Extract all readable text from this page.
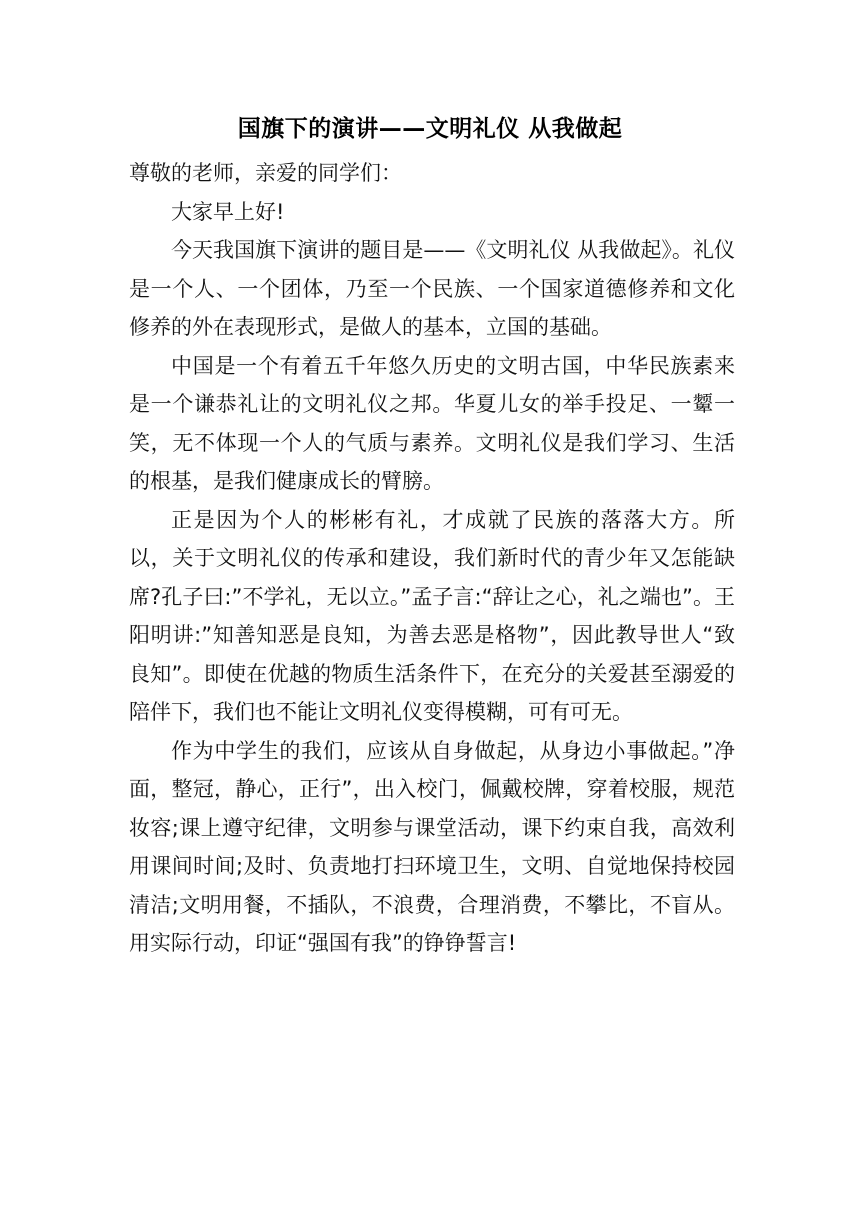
国旗下的演讲——文明礼仪 从我做起

尊敬的老师，亲爱的同学们：

大家早上好!

今天我国旗下演讲的题目是——《文明礼仪 从我做起》。礼仪是一个人、一个团体，乃至一个民族、一个国家道德修养和文化修养的外在表现形式，是做人的基本，立国的基础。

中国是一个有着五千年悠久历史的文明古国，中华民族素来是一个谦恭礼让的文明礼仪之邦。华夏儿女的举手投足、一颦一笑，无不体现一个人的气质与素养。文明礼仪是我们学习、生活的根基，是我们健康成长的臂膀。

正是因为个人的彬彬有礼，才成就了民族的落落大方。所以，关于文明礼仪的传承和建设，我们新时代的青少年又怎能缺席?孔子曰:”不学礼，无以立。”孟子言:“辞让之心，礼之端也”。王阳明讲:”知善知恶是良知，为善去恶是格物”，因此教导世人“致良知”。即使在优越的物质生活条件下，在充分的关爱甚至溺爱的陪伴下，我们也不能让文明礼仪变得模糊，可有可无。

作为中学生的我们，应该从自身做起，从身边小事做起。”净面，整冠，静心，正行”，出入校门，佩戴校牌，穿着校服，规范妆容;课上遵守纪律，文明参与课堂活动，课下约束自我，高效利用课间时间;及时、负责地打扫环境卫生，文明、自觉地保持校园清洁;文明用餐，不插队，不浪费，合理消费，不攀比，不盲从。用实际行动，印证“强国有我”的铮铮誓言!
